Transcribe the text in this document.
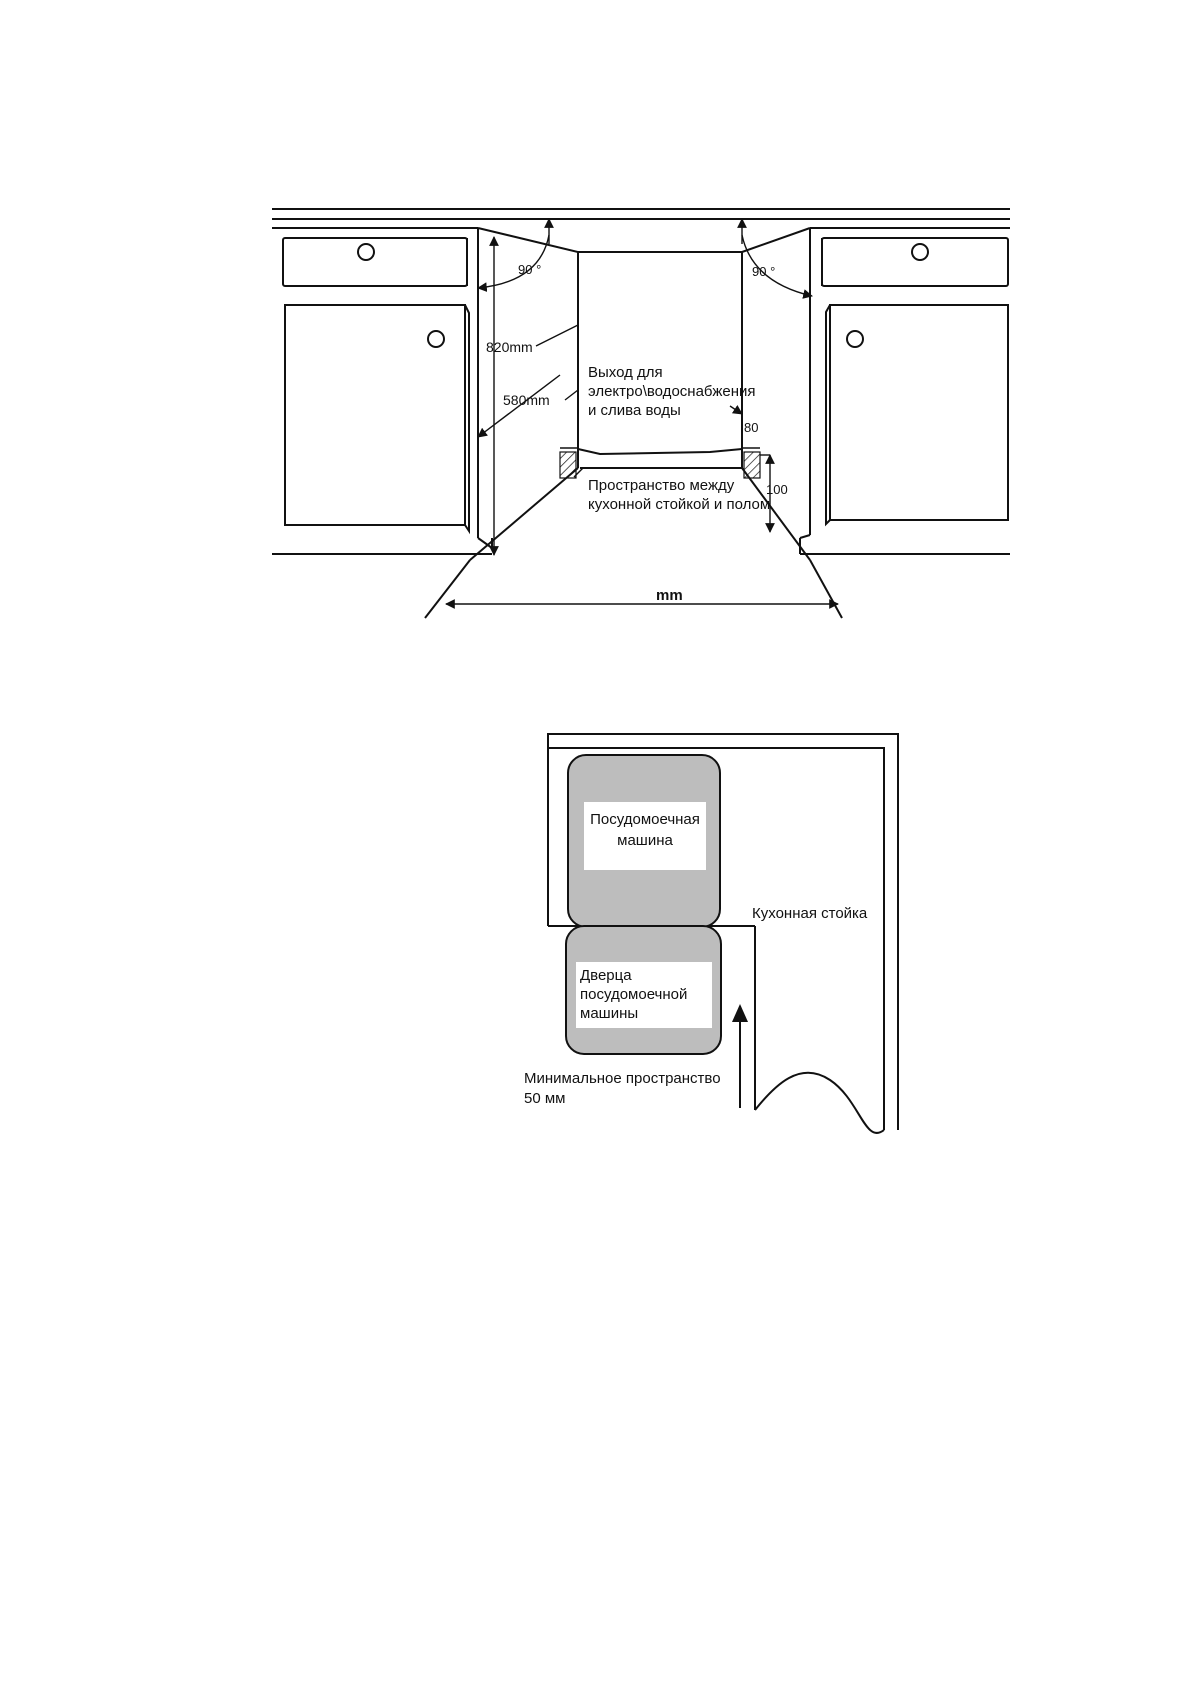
90 °	90 °
820mm
580mm
Выход для
электро\водоснабжения
и слива воды
80
100
Пространство между
кухонной стойкой и полом
mm
Посудомоечная
машина
Дверца
посудомоечной
машины
Кухонная стойка
Минимальное пространство
50 мм
